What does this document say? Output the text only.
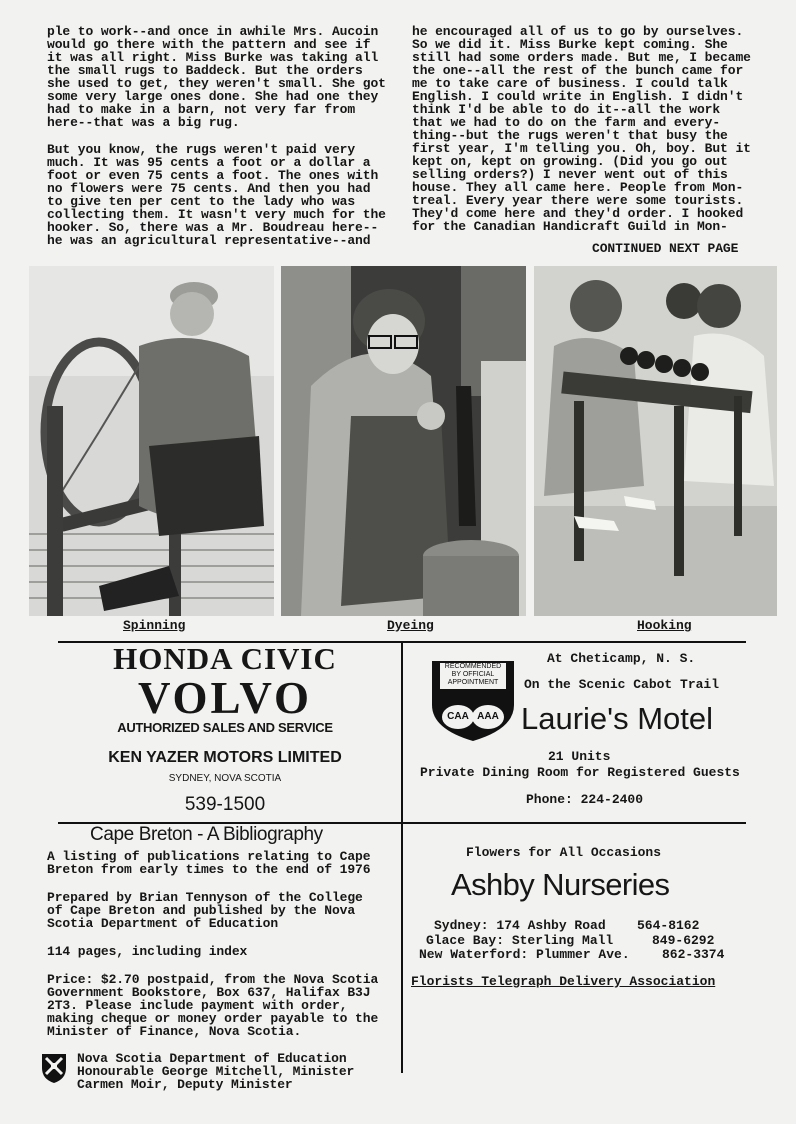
ple to work--and once in awhile Mrs. Aucoin
would go there with the pattern and see if
it was all right. Miss Burke was taking all
the small rugs to Baddeck. But the orders
she used to get, they weren't small. She got
some very large ones done. She had one they
had to make in a barn, not very far from
here--that was a big rug.
But you know, the rugs weren't paid very
much. It was 95 cents a foot or a dollar a
foot or even 75 cents a foot. The ones with
no flowers were 75 cents. And then you had
to give ten per cent to the lady who was
collecting them. It wasn't very much for the
hooker. So, there was a Mr. Boudreau here--
he was an agricultural representative--and
he encouraged all of us to go by ourselves.
So we did it. Miss Burke kept coming. She
still had some orders made. But me, I became
the one--all the rest of the bunch came for
me to take care of business. I could talk
English. I could write in English. I didn't
think I'd be able to do it--all the work
that we had to do on the farm and every-
thing--but the rugs weren't that busy the
first year, I'm telling you. Oh, boy. But it
kept on, kept on growing. (Did you go out
selling orders?) I never went out of this
house. They all came here. People from Mon-
treal. Every year there were some tourists.
They'd come here and they'd order. I hooked
for the Canadian Handicraft Guild in Mon-
CONTINUED NEXT PAGE
Spinning	Dyeing	Hooking
HONDA CIVIC
VOLVO
AUTHORIZED SALES AND SERVICE
KEN YAZER MOTORS LIMITED
SYDNEY, NOVA SCOTIA
539-1500
At Cheticamp, N. S.
On the Scenic Cabot Trail
RECOMMENDED
BY OFFICIAL
APPOINTMENT
CAA AAA Laurie's Motel
21 Units
Private Dining Room for Registered Guests
Phone: 224-2400
Cape Breton - A Bibliography
A listing of publications relating to Cape
Breton from early times to the end of 1976
Prepared by Brian Tennyson of the College
of Cape Breton and published by the Nova
Scotia Department of Education
114 pages, including index
Price: $2.70 postpaid, from the Nova Scotia
Government Bookstore, Box 637, Halifax B3J
2T3. Please include payment with order,
making cheque or money order payable to the
Minister of Finance, Nova Scotia.
Nova Scotia Department of Education
Honourable George Mitchell, Minister
Carmen Moir, Deputy Minister
Flowers for All Occasions
Ashby Nurseries
Sydney: 174 Ashby Road 564-8162
Glace Bay: Sterling Mall	849-6292
New Waterford: Plummer Ave. 862-3374
Florists Telegraph Delivery Association
